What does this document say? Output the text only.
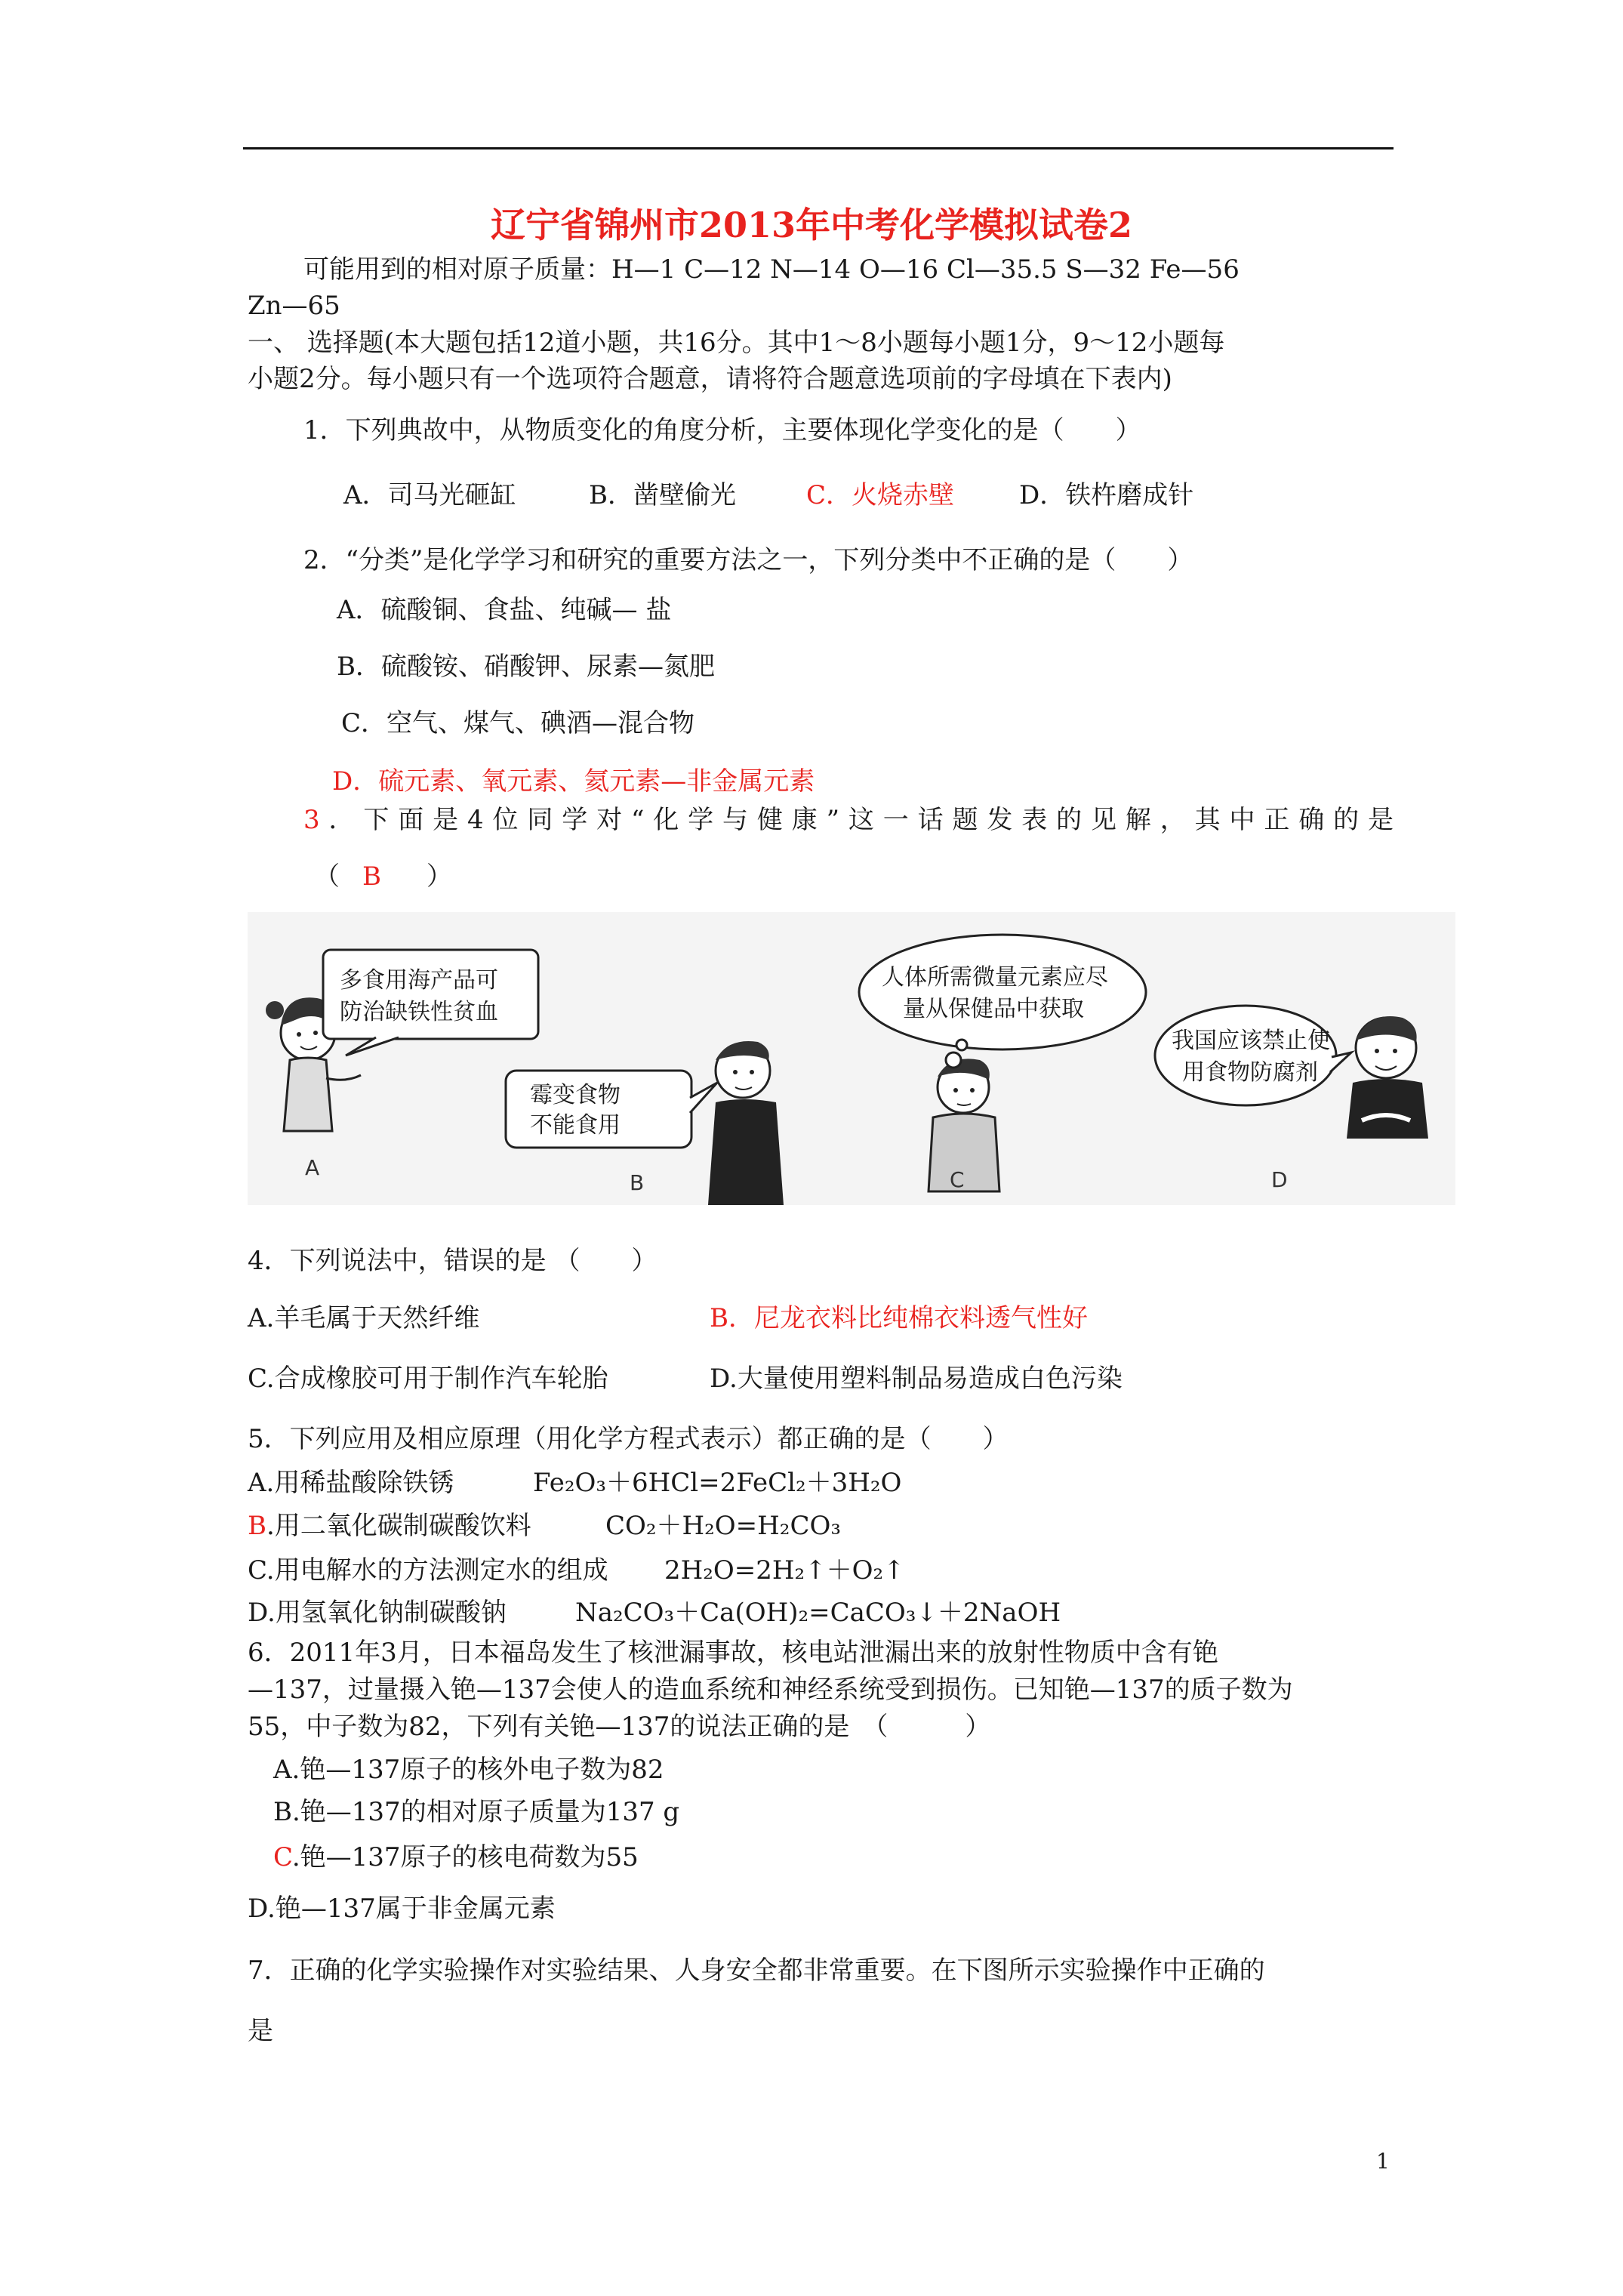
辽宁省锦州市2013年中考化学模拟试卷2
可能用到的相对原子质量：H—1 C—12 N—14 O—16 Cl—35.5 S—32 Fe—56
Zn—65
一、 选择题(本大题包括12道小题，共16分。其中1～8小题每小题1分，9～12小题每
小题2分。每小题只有一个选项符合题意，请将符合题意选项前的字母填在下表内)
1．下列典故中，从物质变化的角度分析，主要体现化学变化的是（　　）
A．司马光砸缸	B．凿壁偷光	C．火烧赤壁	D．铁杵磨成针
2．“分类”是化学学习和研究的重要方法之一，下列分类中不正确的是（　　）
A．硫酸铜、食盐、纯碱— 盐
B．硫酸铵、硝酸钾、尿素—氮肥
C．空气、煤气、碘酒—混合物
D．硫元素、氧元素、氦元素—非金属元素
3．下面是4位同学对“化学与健康”这一话题发表的见解，其中正确的是
（ B ）
多食用海产品可
防治缺铁性贫血
霉变食物
不能食用
人体所需微量元素应尽
量从保健品中获取
我国应该禁止使
用食物防腐剂
A
B	C	D
4．下列说法中，错误的是 （　　）
A.羊毛属于天然纤维	B．尼龙衣料比纯棉衣料透气性好
C.合成橡胶可用于制作汽车轮胎	D.大量使用塑料制品易造成白色污染
5．下列应用及相应原理（用化学方程式表示）都正确的是（　　）
A.用稀盐酸除铁锈	Fe₂O₃＋6HCl=2FeCl₂＋3H₂O
B.用二氧化碳制碳酸饮料	CO₂＋H₂O=H₂CO₃
C.用电解水的方法测定水的组成 2H₂O=2H₂↑＋O₂↑
D.用氢氧化钠制碳酸钠	Na₂CO₃＋Ca(OH)₂=CaCO₃↓＋2NaOH
6．2011年3月，日本福岛发生了核泄漏事故，核电站泄漏出来的放射性物质中含有铯
—137，过量摄入铯—137会使人的造血系统和神经系统受到损伤。已知铯—137的质子数为
55，中子数为82，下列有关铯—137的说法正确的是　（　　　）
A.铯—137原子的核外电子数为82
B.铯—137的相对原子质量为137 g
C.铯—137原子的核电荷数为55
D.铯—137属于非金属元素
7．正确的化学实验操作对实验结果、人身安全都非常重要。在下图所示实验操作中正确的
是
1
